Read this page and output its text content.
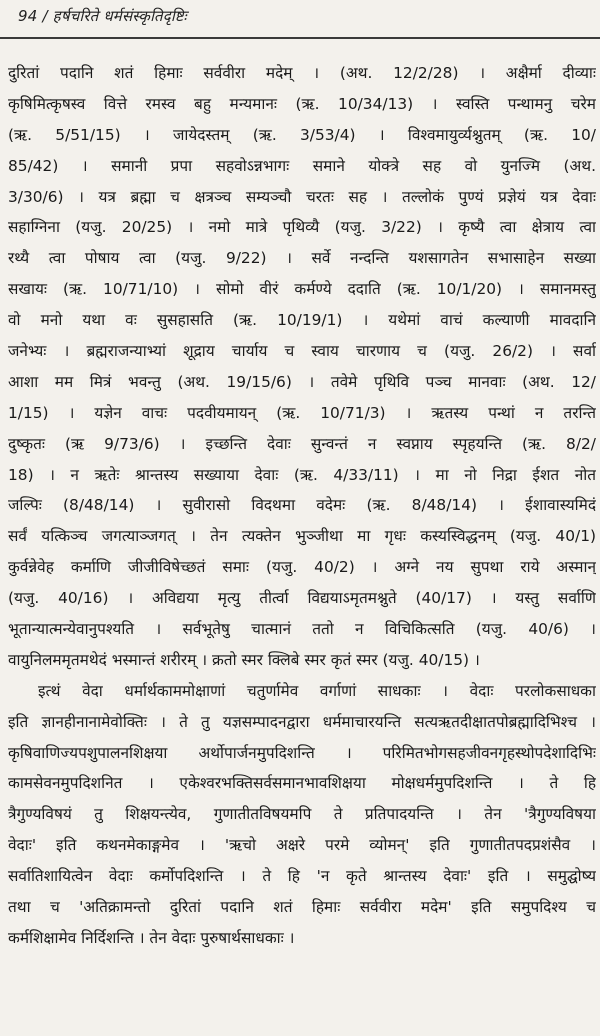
94 / हर्षचरिते धर्मसंस्कृतिदृष्टिः
दुरितां पदानि शतं हिमाः सर्ववीरा मदेम् । (अथ. 12/2/28) । अक्षैर्मा दीव्याः
कृषिमित्कृषस्व वित्ते रमस्व बहु मन्यमानः (ऋ. 10/34/13) । स्वस्ति पन्थामनु चरेम
(ऋ. 5/51/15) । जायेदस्तम् (ऋ. 3/53/4) । विश्वमायुर्व्यश्नुतम् (ऋ. 10/
85/42) । समानी प्रपा सहवोऽन्नभागः समाने योक्त्रे सह वो युनज्मि (अथ.
3/30/6) । यत्र ब्रह्मा च क्षत्रञ्च सम्यञ्चौ चरतः सह । तल्लोकं पुण्यं प्रज्ञेयं यत्र देवाः
सहाग्निना (यजु. 20/25) । नमो मात्रे पृथिव्यै (यजु. 3/22) । कृष्यै त्वा क्षेत्राय त्वा
रथ्यै त्वा पोषाय त्वा (यजु. 9/22) । सर्वे नन्दन्ति यशसागतेन सभासाहेन सख्या
सखायः (ऋ. 10/71/10) । सोमो वीरं कर्मण्ये ददाति (ऋ. 10/1/20) । समानमस्तु
वो मनो यथा वः सुसहासति (ऋ. 10/19/1) । यथेमां वाचं कल्याणी मावदानि
जनेभ्यः । ब्रह्मराजन्याभ्यां शूद्राय चार्याय च स्वाय चारणाय च (यजु. 26/2) । सर्वा
आशा मम मित्रं भवन्तु (अथ. 19/15/6) । तवेमे पृथिवि पञ्च मानवाः (अथ. 12/
1/15) । यज्ञेन वाचः पदवीयमायन् (ऋ. 10/71/3) । ऋतस्य पन्थां न तरन्ति
दुष्कृतः (ऋ 9/73/6) । इच्छन्ति देवाः सुन्वन्तं न स्वप्नाय स्पृहयन्ति (ऋ. 8/2/
18) । न ऋतेः श्रान्तस्य सख्याया देवाः (ऋ. 4/33/11) । मा नो निद्रा ईशत नोत
जल्पिः (8/48/14) । सुवीरासो विदथमा वदेमः (ऋ. 8/48/14) । ईशावास्यमिदं
सर्वं यत्किञ्च जगत्याञ्जगत् । तेन त्यक्तेन भुञ्जीथा मा गृधः कस्यस्विद्धनम् (यजु. 40/1)
कुर्वन्नेवेह कर्माणि जीजीविषेच्छतं समाः (यजु. 40/2) । अग्ने नय सुपथा राये अस्मान्
(यजु. 40/16) । अविद्यया मृत्यु तीर्त्वा विद्ययाऽमृतमश्नुते (40/17) । यस्तु सर्वाणि
भूतान्यात्मन्येवानुपश्यति । सर्वभूतेषु चात्मानं ततो न विचिकित्सति (यजु. 40/6) ।
वायुनिलममृतमथेदं भस्मान्तं शरीरम् । क्रतो स्मर क्लिबे स्मर कृतं स्मर (यजु. 40/15) ।
इत्थं वेदा धर्मार्थकाममोक्षाणां चतुर्णामेव वर्गाणां साधकाः । वेदाः परलोकसाधका
इति ज्ञानहीनानामेवोक्तिः । ते तु यज्ञसम्पादनद्वारा धर्ममाचारयन्ति सत्यऋतदीक्षातपोब्रह्मादिभिश्च ।
कृषिवाणिज्यपशुपालनशिक्षया अर्थोपार्जनमुपदिशन्ति । परिमितभोगसहजीवनगृहस्थोपदेशादिभिः
कामसेवनमुपदिशनित । एकेश्वरभक्तिसर्वसमानभावशिक्षया मोक्षधर्ममुपदिशन्ति । ते हि
त्रैगुण्यविषयं तु शिक्षयन्त्येव, गुणातीतविषयमपि ते प्रतिपादयन्ति । तेन 'त्रैगुण्यविषया
वेदाः' इति कथनमेकाङ्गमेव । 'ऋचो अक्षरे परमे व्योमन्' इति गुणातीतपदप्रशंसैव ।
सर्वातिशायित्वेन वेदाः कर्मोपदिशन्ति । ते हि 'न कृते श्रान्तस्य देवाः' इति । समुद्घोष्य
तथा च 'अतिक्रामन्तो दुरितां पदानि शतं हिमाः सर्ववीरा मदेम' इति समुपदिश्य च
कर्मशिक्षामेव निर्दिशन्ति । तेन वेदाः पुरुषार्थसाधकाः ।
